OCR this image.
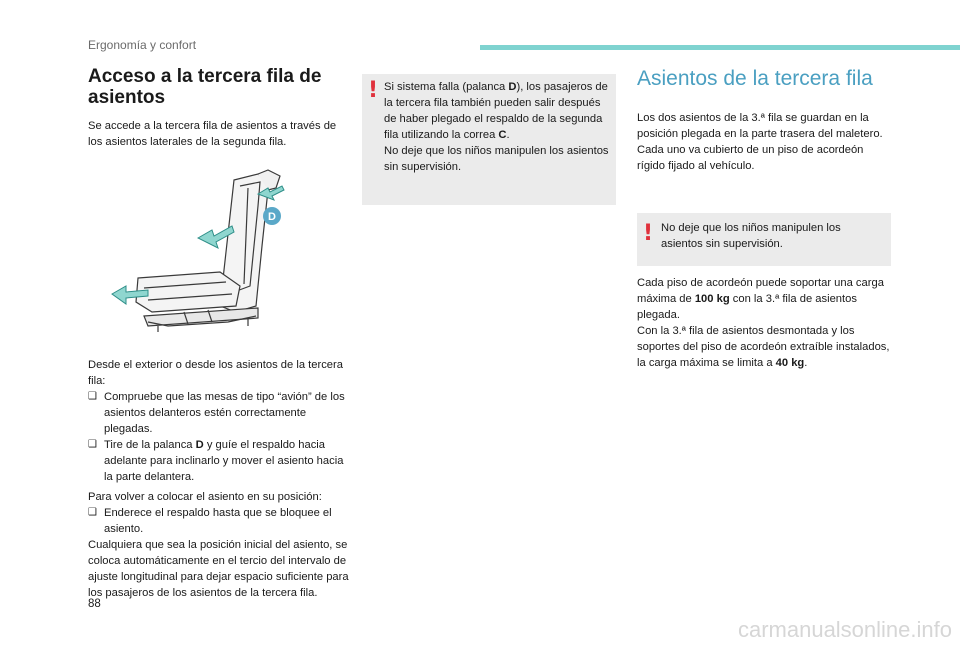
Ergonomía y confort
Acceso a la tercera fila de asientos

Se accede a la tercera fila de asientos a través de los asientos laterales de la segunda fila.

D

Desde el exterior o desde los asientos de la tercera fila:

❑ Compruebe que las mesas de tipo “avión” de los asientos delanteros estén correctamente plegadas.
❑ Tire de la palanca D y guíe el respaldo hacia adelante para inclinarlo y mover el asiento hacia la parte delantera.

Para volver a colocar el asiento en su posición:

❑ Enderece el respaldo hasta que se bloquee el asiento.

Cualquiera que sea la posición inicial del asiento, se coloca automáticamente en el tercio del intervalo de ajuste longitudinal para dejar espacio suficiente para los pasajeros de los asientos de la tercera fila.

! Si sistema falla (palanca D), los pasajeros de la tercera fila también pueden salir después de haber plegado el respaldo de la segunda fila utilizando la correa C.

No deje que los niños manipulen los asientos sin supervisión.

Asientos de la tercera fila

Los dos asientos de la 3.ª fila se guardan en la posición plegada en la parte trasera del maletero. Cada uno va cubierto de un piso de acordeón rígido fijado al vehículo.

! No deje que los niños manipulen los asientos sin supervisión.

Cada piso de acordeón puede soportar una carga máxima de 100 kg con la 3.ª fila de asientos plegada.

Con la 3.ª fila de asientos desmontada y los soportes del piso de acordeón extraíble instalados, la carga máxima se limita a 40 kg.

88
carmanualsonline.info
